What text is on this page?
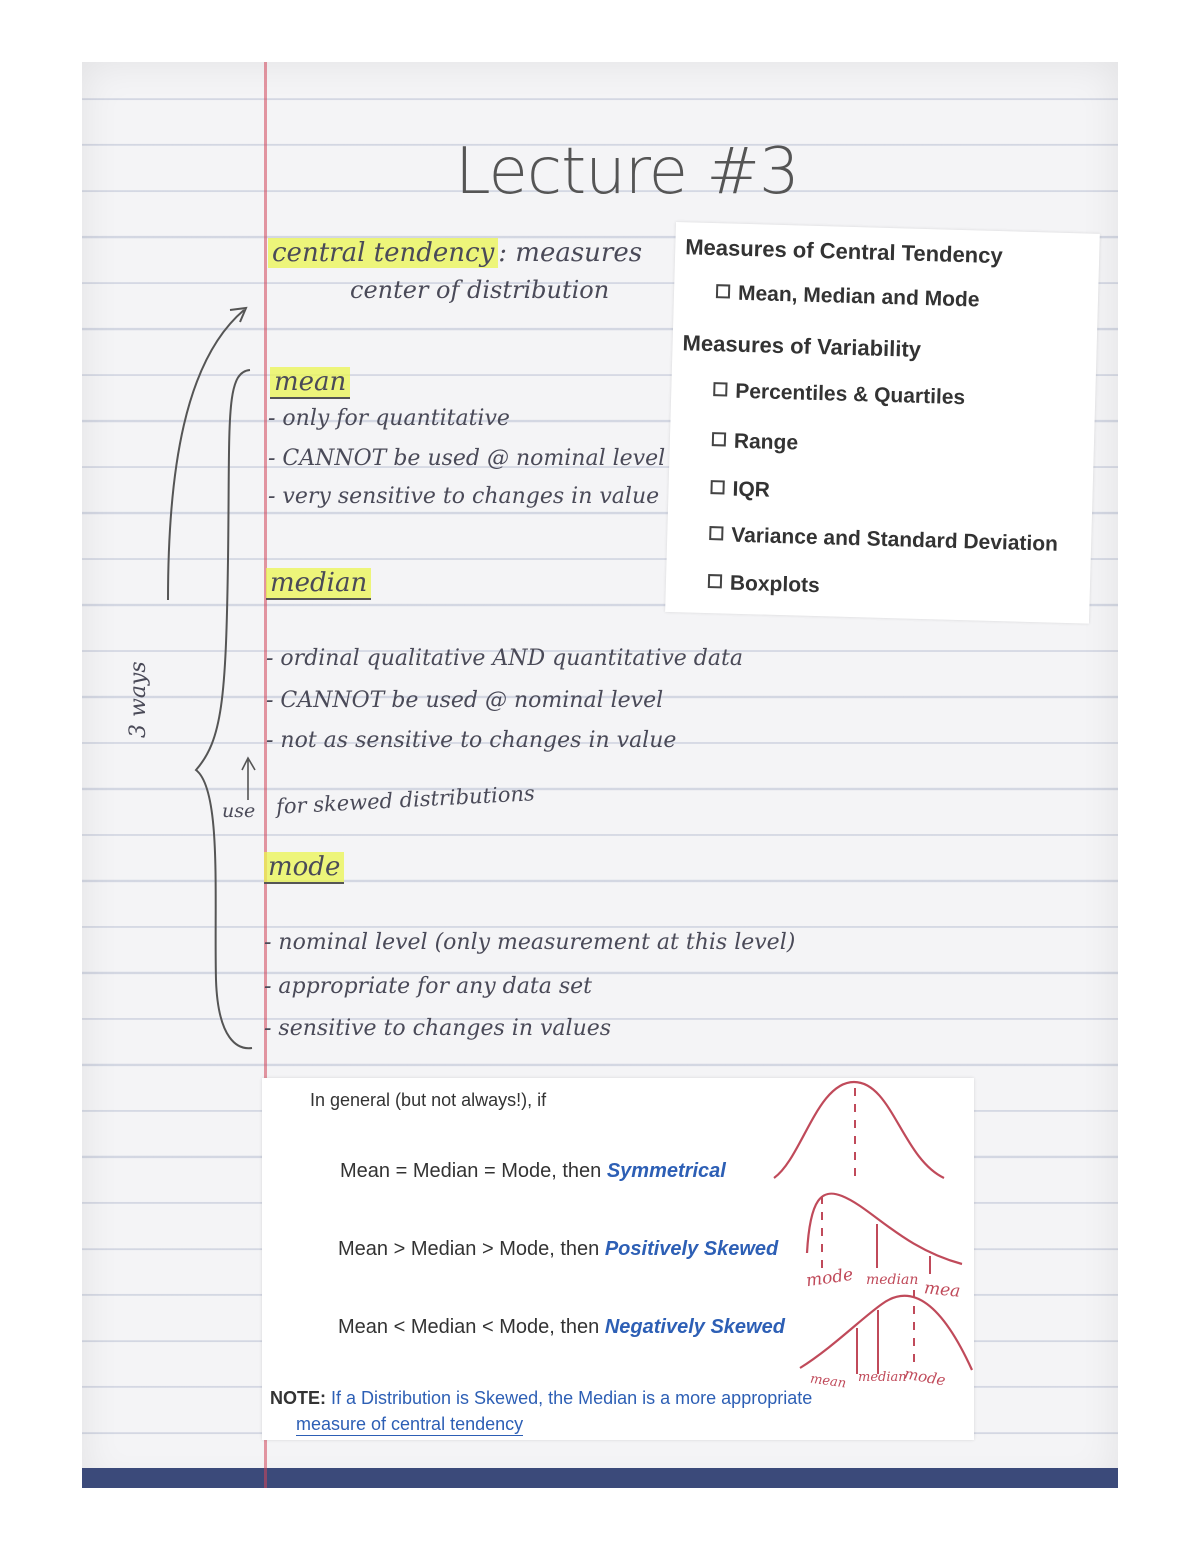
Lecture #3
central tendency : measures
center of distribution
3 ways
mean
- only for quantitative
- CANNOT be used @ nominal level
- very sensitive to changes in value
median
- ordinal qualitative AND quantitative data
- CANNOT be used @ nominal level
- not as sensitive to changes in value
use for skewed distributions
mode
- nominal level (only measurement at this level)
- appropriate for any data set
- sensitive to changes in values
Measures of Central Tendency
Mean, Median and Mode
Measures of Variability
Percentiles & Quartiles
Range
IQR
Variance and Standard Deviation
Boxplots
In general (but not always!), if
Mean = Median = Mode, then Symmetrical
Mean > Median > Mode, then Positively Skewed
Mean < Median < Mode, then Negatively Skewed
NOTE: If a Distribution is Skewed, the Median is a more appropriate
measure of central tendency
mode median mea
mean median
mode
